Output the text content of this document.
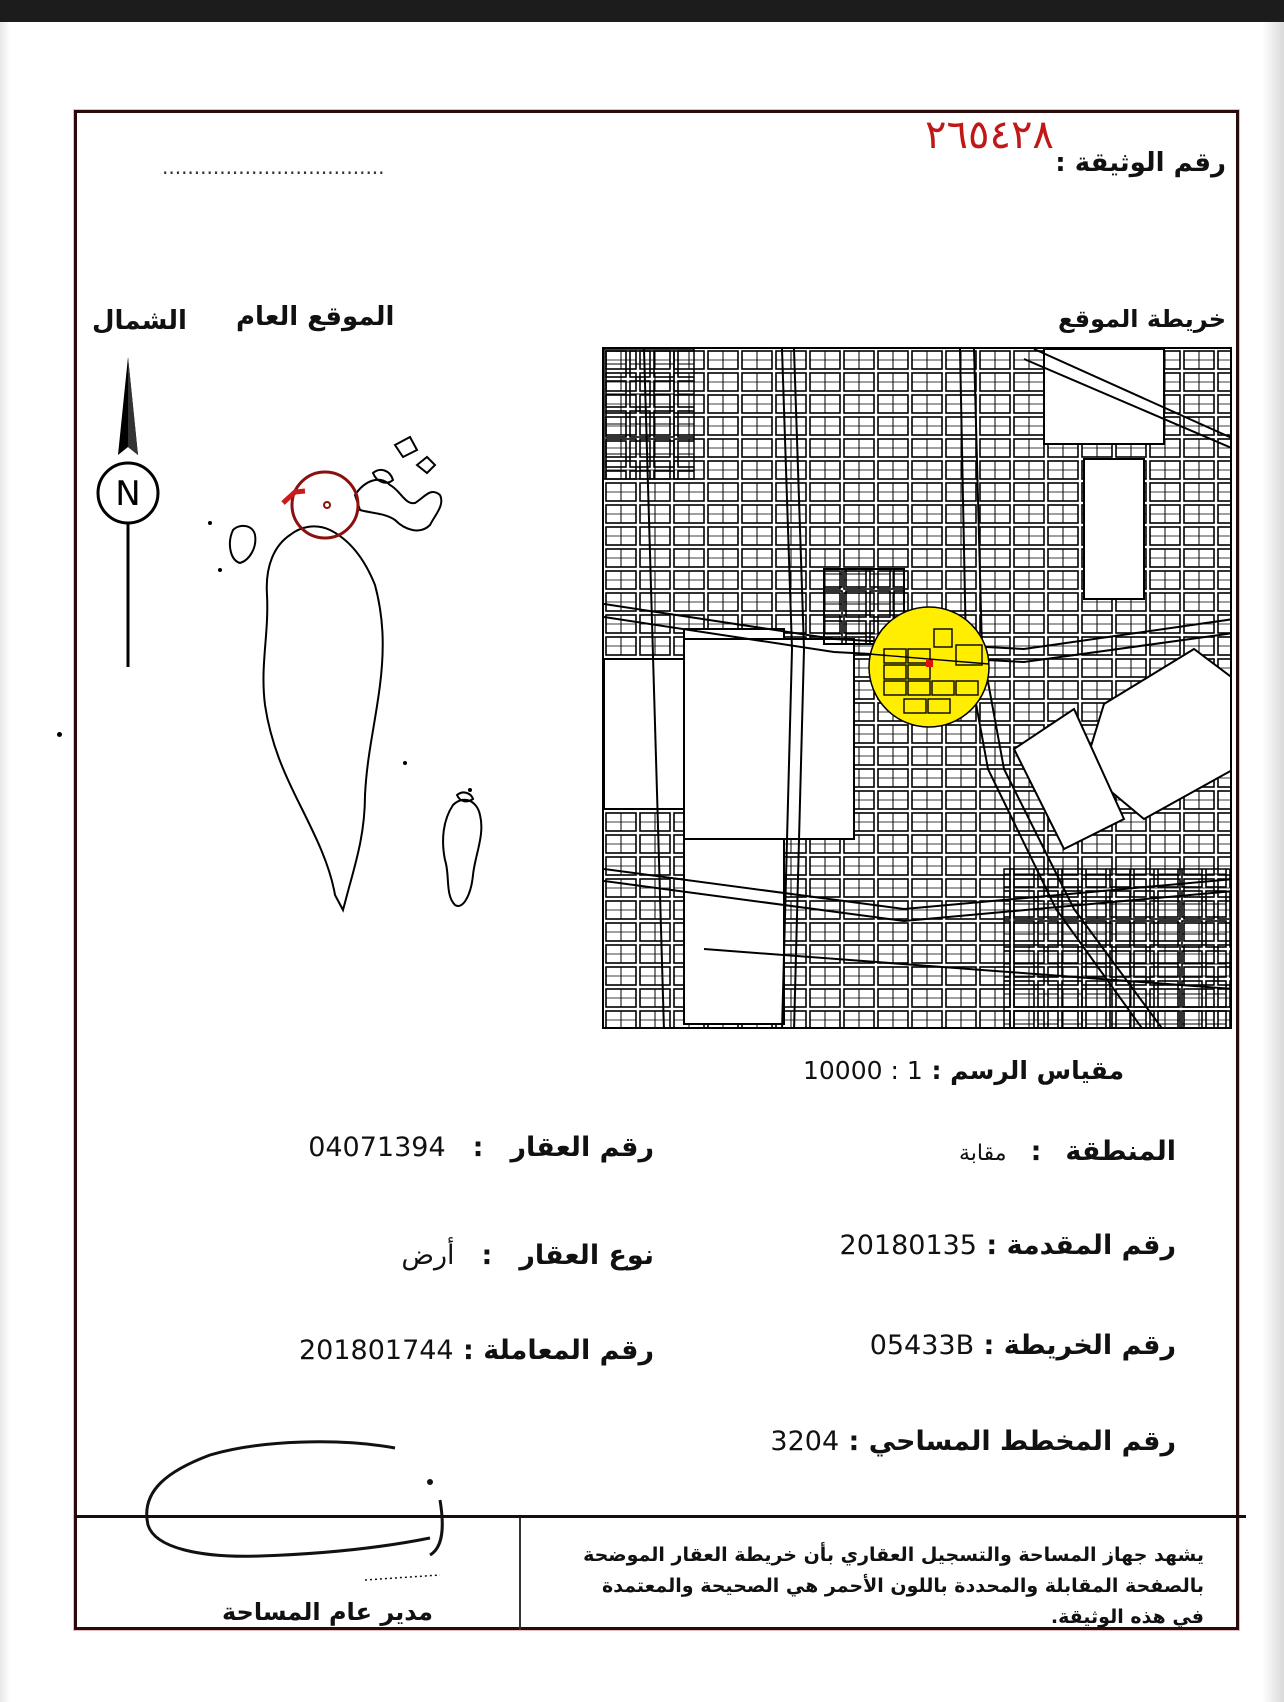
رقم الوثيقة :
...................................
٢٦٥٤٢٨
خريطة الموقع
الموقع العام
الشمال
N
مقياس الرسم : 1 : 10000
المنطقة : مقابة
رقم العقار : 04071394
رقم المقدمة : 20180135
نوع العقار : أرض
رقم الخريطة : 05433B
رقم المعاملة : 201801744
رقم المخطط المساحي : 3204
يشهد جهاز المساحة والتسجيل العقاري بأن خريطة العقار الموضحة بالصفحة المقابلة والمحددة باللون الأحمر هي الصحيحة والمعتمدة في هذه الوثيقة.
مدير عام المساحة
